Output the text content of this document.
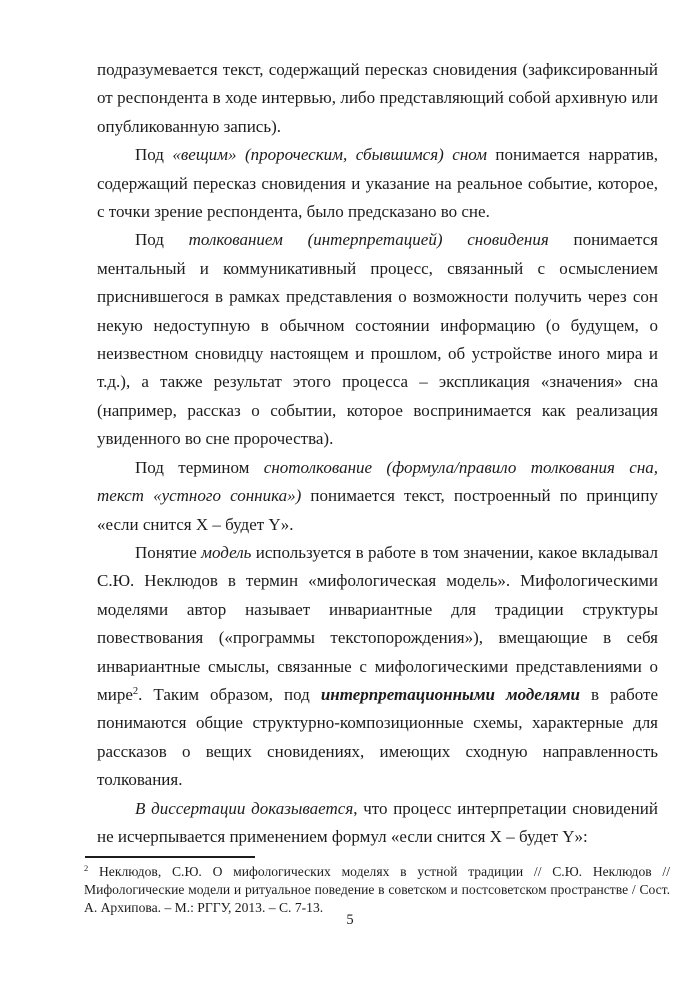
подразумевается текст, содержащий пересказ сновидения (зафиксированный от респондента в ходе интервью, либо представляющий собой архивную или опубликованную запись).

Под «вещим» (пророческим, сбывшимся) сном понимается нарратив, содержащий пересказ сновидения и указание на реальное событие, которое, с точки зрение респондента, было предсказано во сне.

Под толкованием (интерпретацией) сновидения понимается ментальный и коммуникативный процесс, связанный с осмыслением приснившегося в рамках представления о возможности получить через сон некую недоступную в обычном состоянии информацию (о будущем, о неизвестном сновидцу настоящем и прошлом, об устройстве иного мира и т.д.), а также результат этого процесса – экспликация «значения» сна (например, рассказ о событии, которое воспринимается как реализация увиденного во сне пророчества).

Под термином снотолкование (формула/правило толкования сна, текст «устного сонника») понимается текст, построенный по принципу «если снится X – будет Y».

Понятие модель используется в работе в том значении, какое вкладывал С.Ю. Неклюдов в термин «мифологическая модель». Мифологическими моделями автор называет инвариантные для традиции структуры повествования («программы текстопорождения»), вмещающие в себя инвариантные смыслы, связанные с мифологическими представлениями о мире$^2$. Таким образом, под интерпретационными моделями в работе понимаются общие структурно-композиционные схемы, характерные для рассказов о вещих сновидениях, имеющих сходную направленность толкования.

В диссертации доказывается, что процесс интерпретации сновидений не исчерпывается применением формул «если снится X – будет Y»:

$^2$ Неклюдов, С.Ю. О мифологических моделях в устной традиции // С.Ю. Неклюдов // Мифологические модели и ритуальное поведение в советском и постсоветском пространстве / Сост. А. Архипова. – М.: РГГУ, 2013. – С. 7-13.
5
